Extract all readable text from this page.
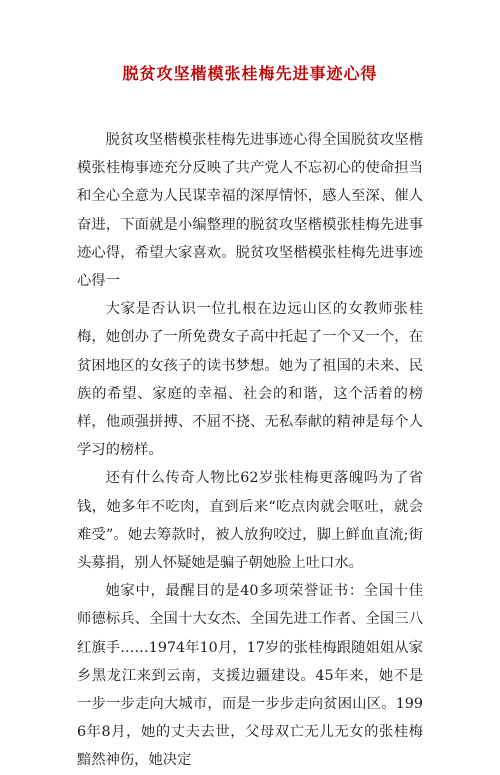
脱贫攻坚楷模张桂梅先进事迹心得

脱贫攻坚楷模张桂梅先进事迹心得全国脱贫攻坚楷模张桂梅事迹充分反映了共产党人不忘初心的使命担当和全心全意为人民谋幸福的深厚情怀，感人至深、催人奋进，下面就是小编整理的脱贫攻坚楷模张桂梅先进事迹心得，希望大家喜欢。脱贫攻坚楷模张桂梅先进事迹心得一

大家是否认识一位扎根在边远山区的女教师张桂梅，她创办了一所免费女子高中托起了一个又一个，在贫困地区的女孩子的读书梦想。她为了祖国的未来、民族的希望、家庭的幸福、社会的和谐，这个活着的榜样，他顽强拼搏、不屈不挠、无私奉献的精神是每个人学习的榜样。

还有什么传奇人物比62岁张桂梅更落魄吗为了省钱，她多年不吃肉，直到后来“吃点肉就会呕吐，就会难受”。她去筹款时，被人放狗咬过，脚上鲜血直流;街头募捐，别人怀疑她是骗子朝她脸上吐口水。

她家中，最醒目的是40多项荣誉证书：全国十佳师德标兵、全国十大女杰、全国先进工作者、全国三八红旗手……1974年10月，17岁的张桂梅跟随姐姐从家乡黑龙江来到云南，支援边疆建设。45年来，她不是一步一步走向大城市，而是一步步走向贫困山区。1996年8月，她的丈夫去世，父母双亡无儿无女的张桂梅黯然神伤，她决定
